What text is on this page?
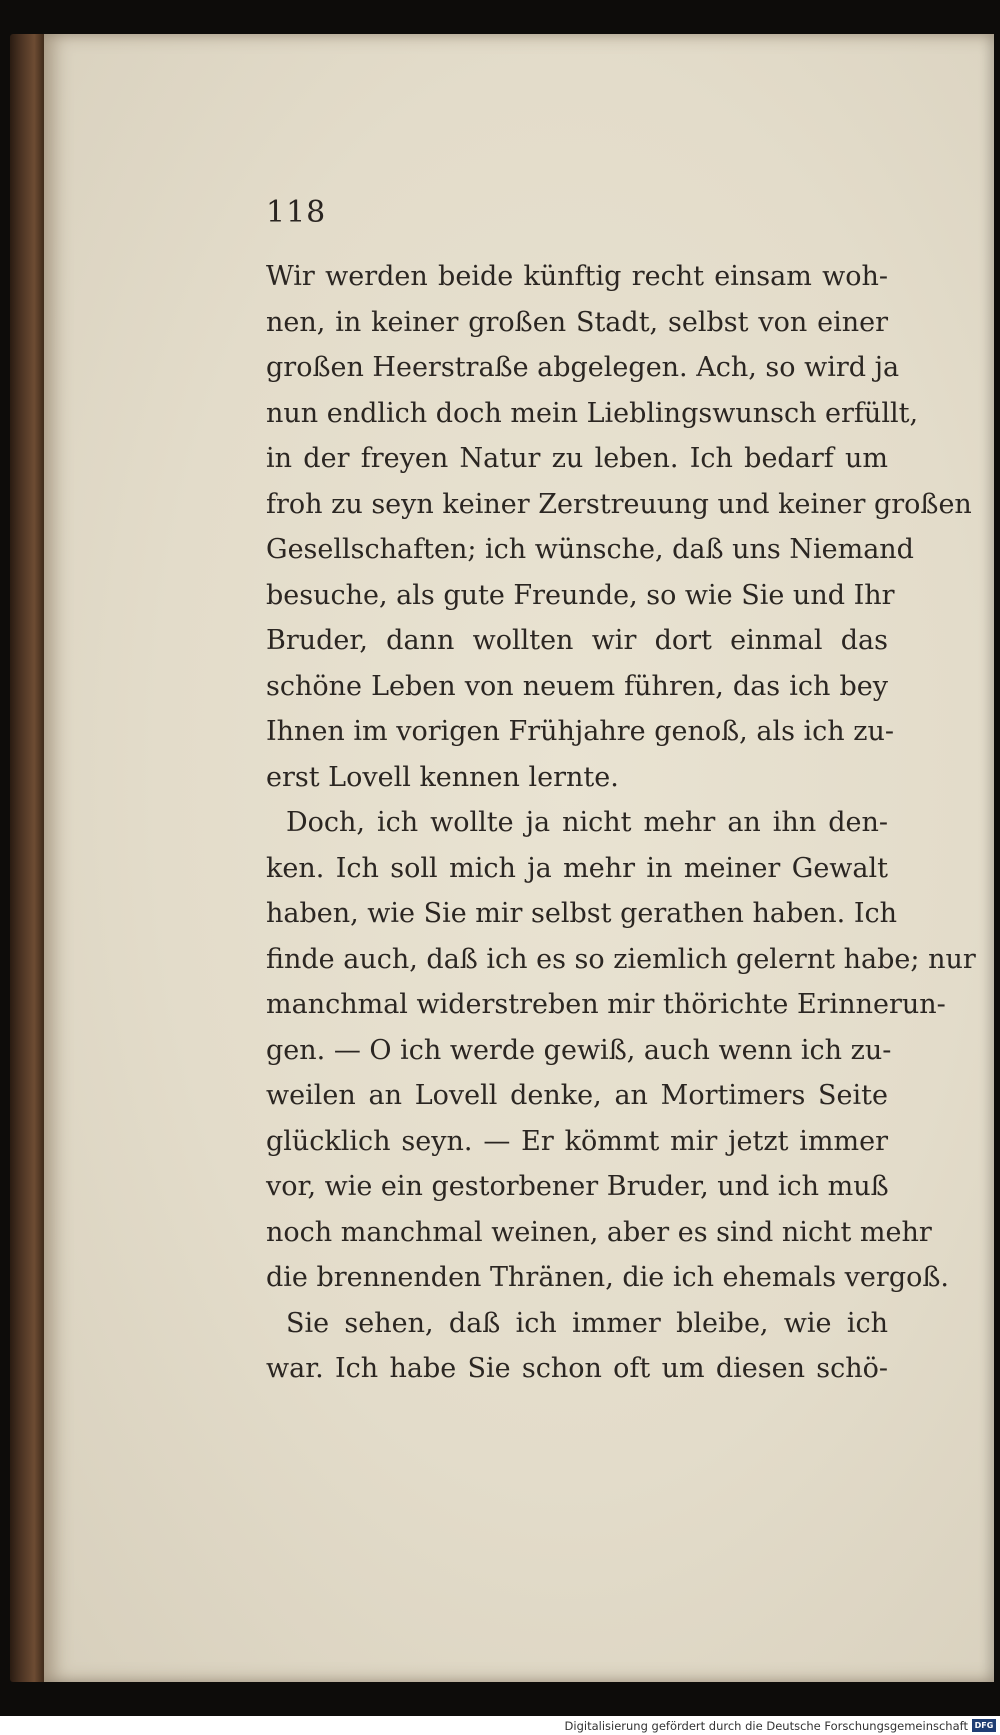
118
Wir werden beide künftig recht einsam woh-
nen, in keiner großen Stadt, selbst von einer
großen Heerstraße abgelegen. Ach, so wird ja
nun endlich doch mein Lieblingswunsch erfüllt,
in der freyen Natur zu leben. Ich bedarf um
froh zu seyn keiner Zerstreuung und keiner großen
Gesellschaften; ich wünsche, daß uns Niemand
besuche, als gute Freunde, so wie Sie und Ihr
Bruder, dann wollten wir dort einmal das
schöne Leben von neuem führen, das ich bey
Ihnen im vorigen Frühjahre genoß, als ich zu-
erst Lovell kennen lernte.
Doch, ich wollte ja nicht mehr an ihn den-
ken. Ich soll mich ja mehr in meiner Gewalt
haben, wie Sie mir selbst gerathen haben. Ich
finde auch, daß ich es so ziemlich gelernt habe; nur
manchmal widerstreben mir thörichte Erinnerun-
gen. — O ich werde gewiß, auch wenn ich zu-
weilen an Lovell denke, an Mortimers Seite
glücklich seyn. — Er kömmt mir jetzt immer
vor, wie ein gestorbener Bruder, und ich muß
noch manchmal weinen, aber es sind nicht mehr
die brennenden Thränen, die ich ehemals vergoß.
Sie sehen, daß ich immer bleibe, wie ich
war. Ich habe Sie schon oft um diesen schö-
Digitalisierung gefördert durch die Deutsche Forschungsgemeinschaft DFG
